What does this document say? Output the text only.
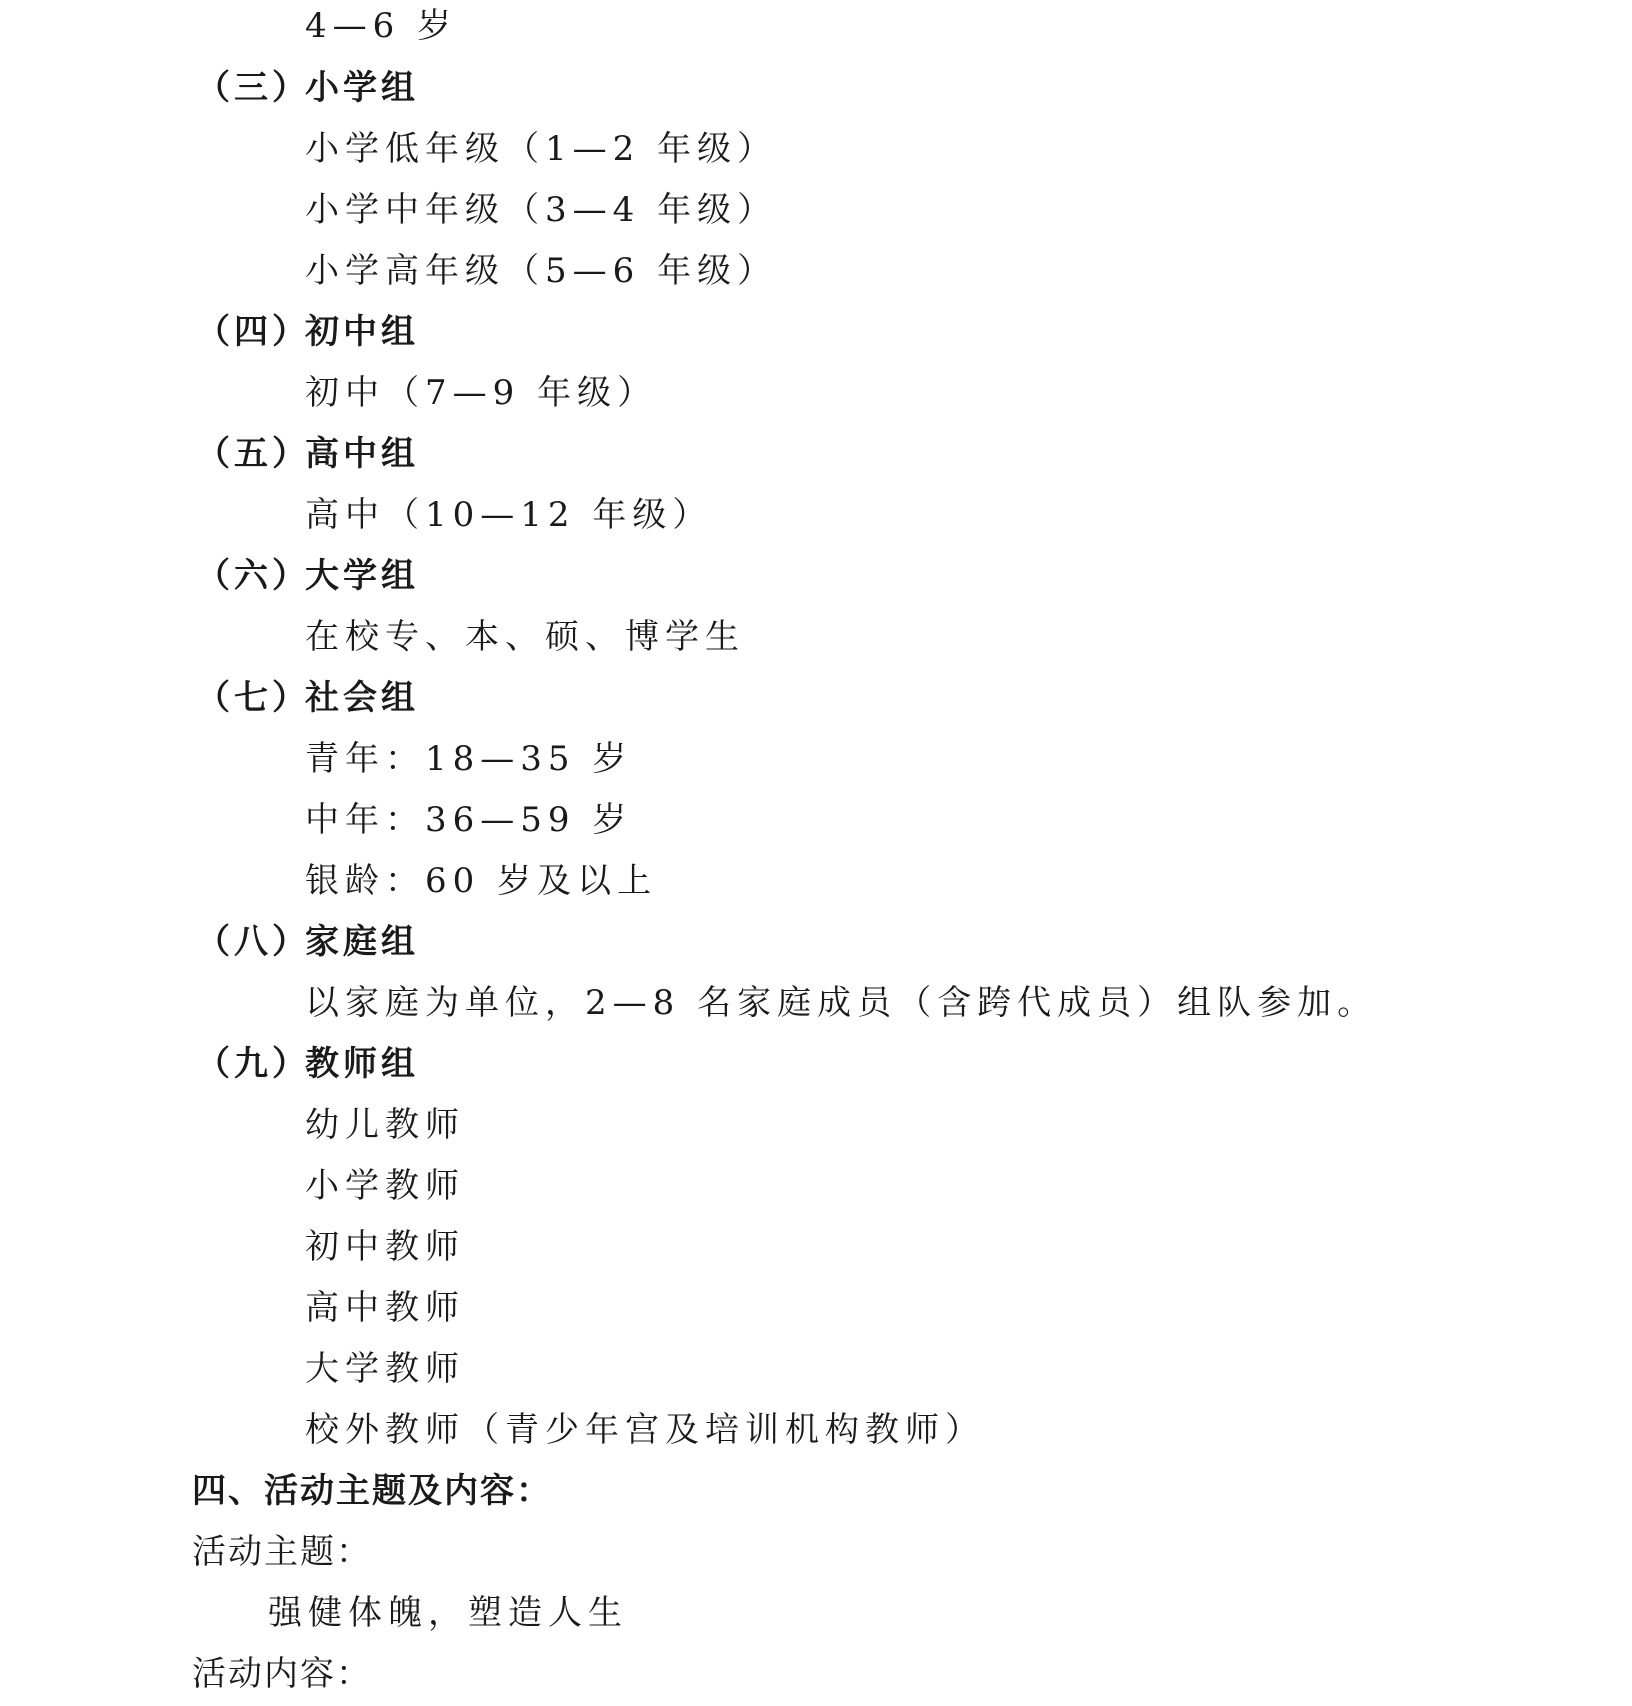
4—6 岁
（三）
小学组
小学低年级（1—2 年级）
小学中年级（3—4 年级）
小学高年级（5—6 年级）
（四）
初中组
初中（7—9 年级）
（五）
高中组
高中（10—12 年级）
（六）
大学组
在校专、本、硕、博学生
（七）
社会组
青年：18—35 岁
中年：36—59 岁
银龄：60 岁及以上
（八）
家庭组
以家庭为单位，2—8 名家庭成员（含跨代成员）组队参加。
（九）
教师组
幼儿教师
小学教师
初中教师
高中教师
大学教师
校外教师（青少年宫及培训机构教师）
四、活动主题及内容：
活动主题：
强健体魄，塑造人生
活动内容：
